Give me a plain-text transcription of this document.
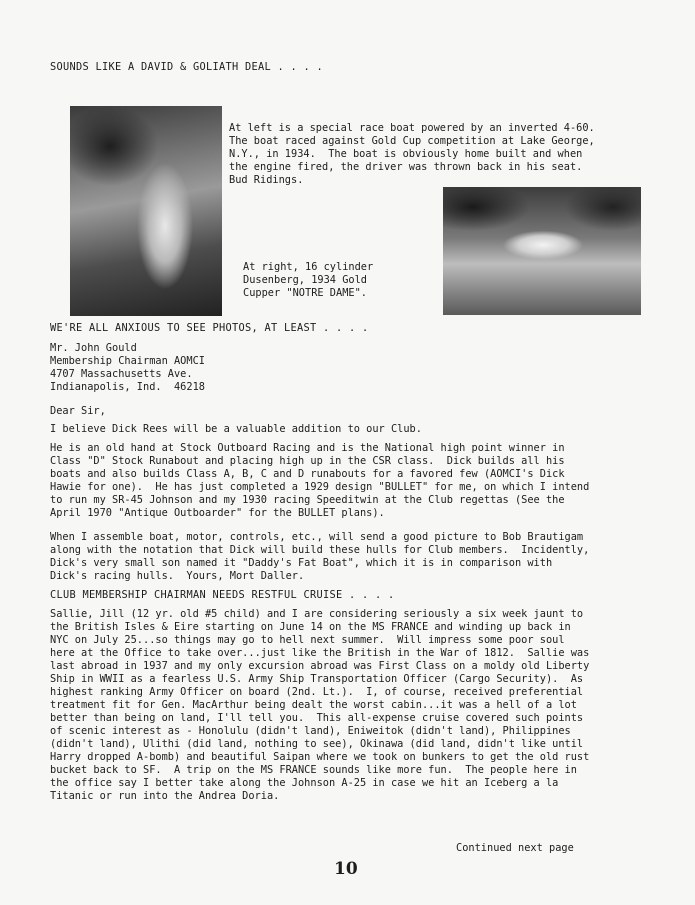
SOUNDS LIKE A DAVID & GOLIATH DEAL . . . .
At left is a special race boat powered by an inverted 4-60.
The boat raced against Gold Cup competition at Lake George,
N.Y., in 1934.  The boat is obviously home built and when
the engine fired, the driver was thrown back in his seat.
Bud Ridings.
At right, 16 cylinder
Dusenberg, 1934 Gold
Cupper "NOTRE DAME".
WE'RE ALL ANXIOUS TO SEE PHOTOS, AT LEAST . . . .
Mr. John Gould
Membership Chairman AOMCI
4707 Massachusetts Ave.
Indianapolis, Ind.  46218
Dear Sir,
I believe Dick Rees will be a valuable addition to our Club.
He is an old hand at Stock Outboard Racing and is the National high point winner in
Class "D" Stock Runabout and placing high up in the CSR class.  Dick builds all his
boats and also builds Class A, B, C and D runabouts for a favored few (AOMCI's Dick
Hawie for one).  He has just completed a 1929 design "BULLET" for me, on which I intend
to run my SR-45 Johnson and my 1930 racing Speeditwin at the Club regettas (See the
April 1970 "Antique Outboarder" for the BULLET plans).
When I assemble boat, motor, controls, etc., will send a good picture to Bob Brautigam
along with the notation that Dick will build these hulls for Club members.  Incidently,
Dick's very small son named it "Daddy's Fat Boat", which it is in comparison with
Dick's racing hulls.  Yours, Mort Daller.
CLUB MEMBERSHIP CHAIRMAN NEEDS RESTFUL CRUISE . . . .
Sallie, Jill (12 yr. old #5 child) and I are considering seriously a six week jaunt to
the British Isles & Eire starting on June 14 on the MS FRANCE and winding up back in
NYC on July 25...so things may go to hell next summer.  Will impress some poor soul
here at the Office to take over...just like the British in the War of 1812.  Sallie was
last abroad in 1937 and my only excursion abroad was First Class on a moldy old Liberty
Ship in WWII as a fearless U.S. Army Ship Transportation Officer (Cargo Security).  As
highest ranking Army Officer on board (2nd. Lt.).  I, of course, received preferential
treatment fit for Gen. MacArthur being dealt the worst cabin...it was a hell of a lot
better than being on land, I'll tell you.  This all-expense cruise covered such points
of scenic interest as - Honolulu (didn't land), Eniweitok (didn't land), Philippines
(didn't land), Ulithi (did land, nothing to see), Okinawa (did land, didn't like until
Harry dropped A-bomb) and beautiful Saipan where we took on bunkers to get the old rust
bucket back to SF.  A trip on the MS FRANCE sounds like more fun.  The people here in
the office say I better take along the Johnson A-25 in case we hit an Iceberg a la
Titanic or run into the Andrea Doria.
Continued next page
10
